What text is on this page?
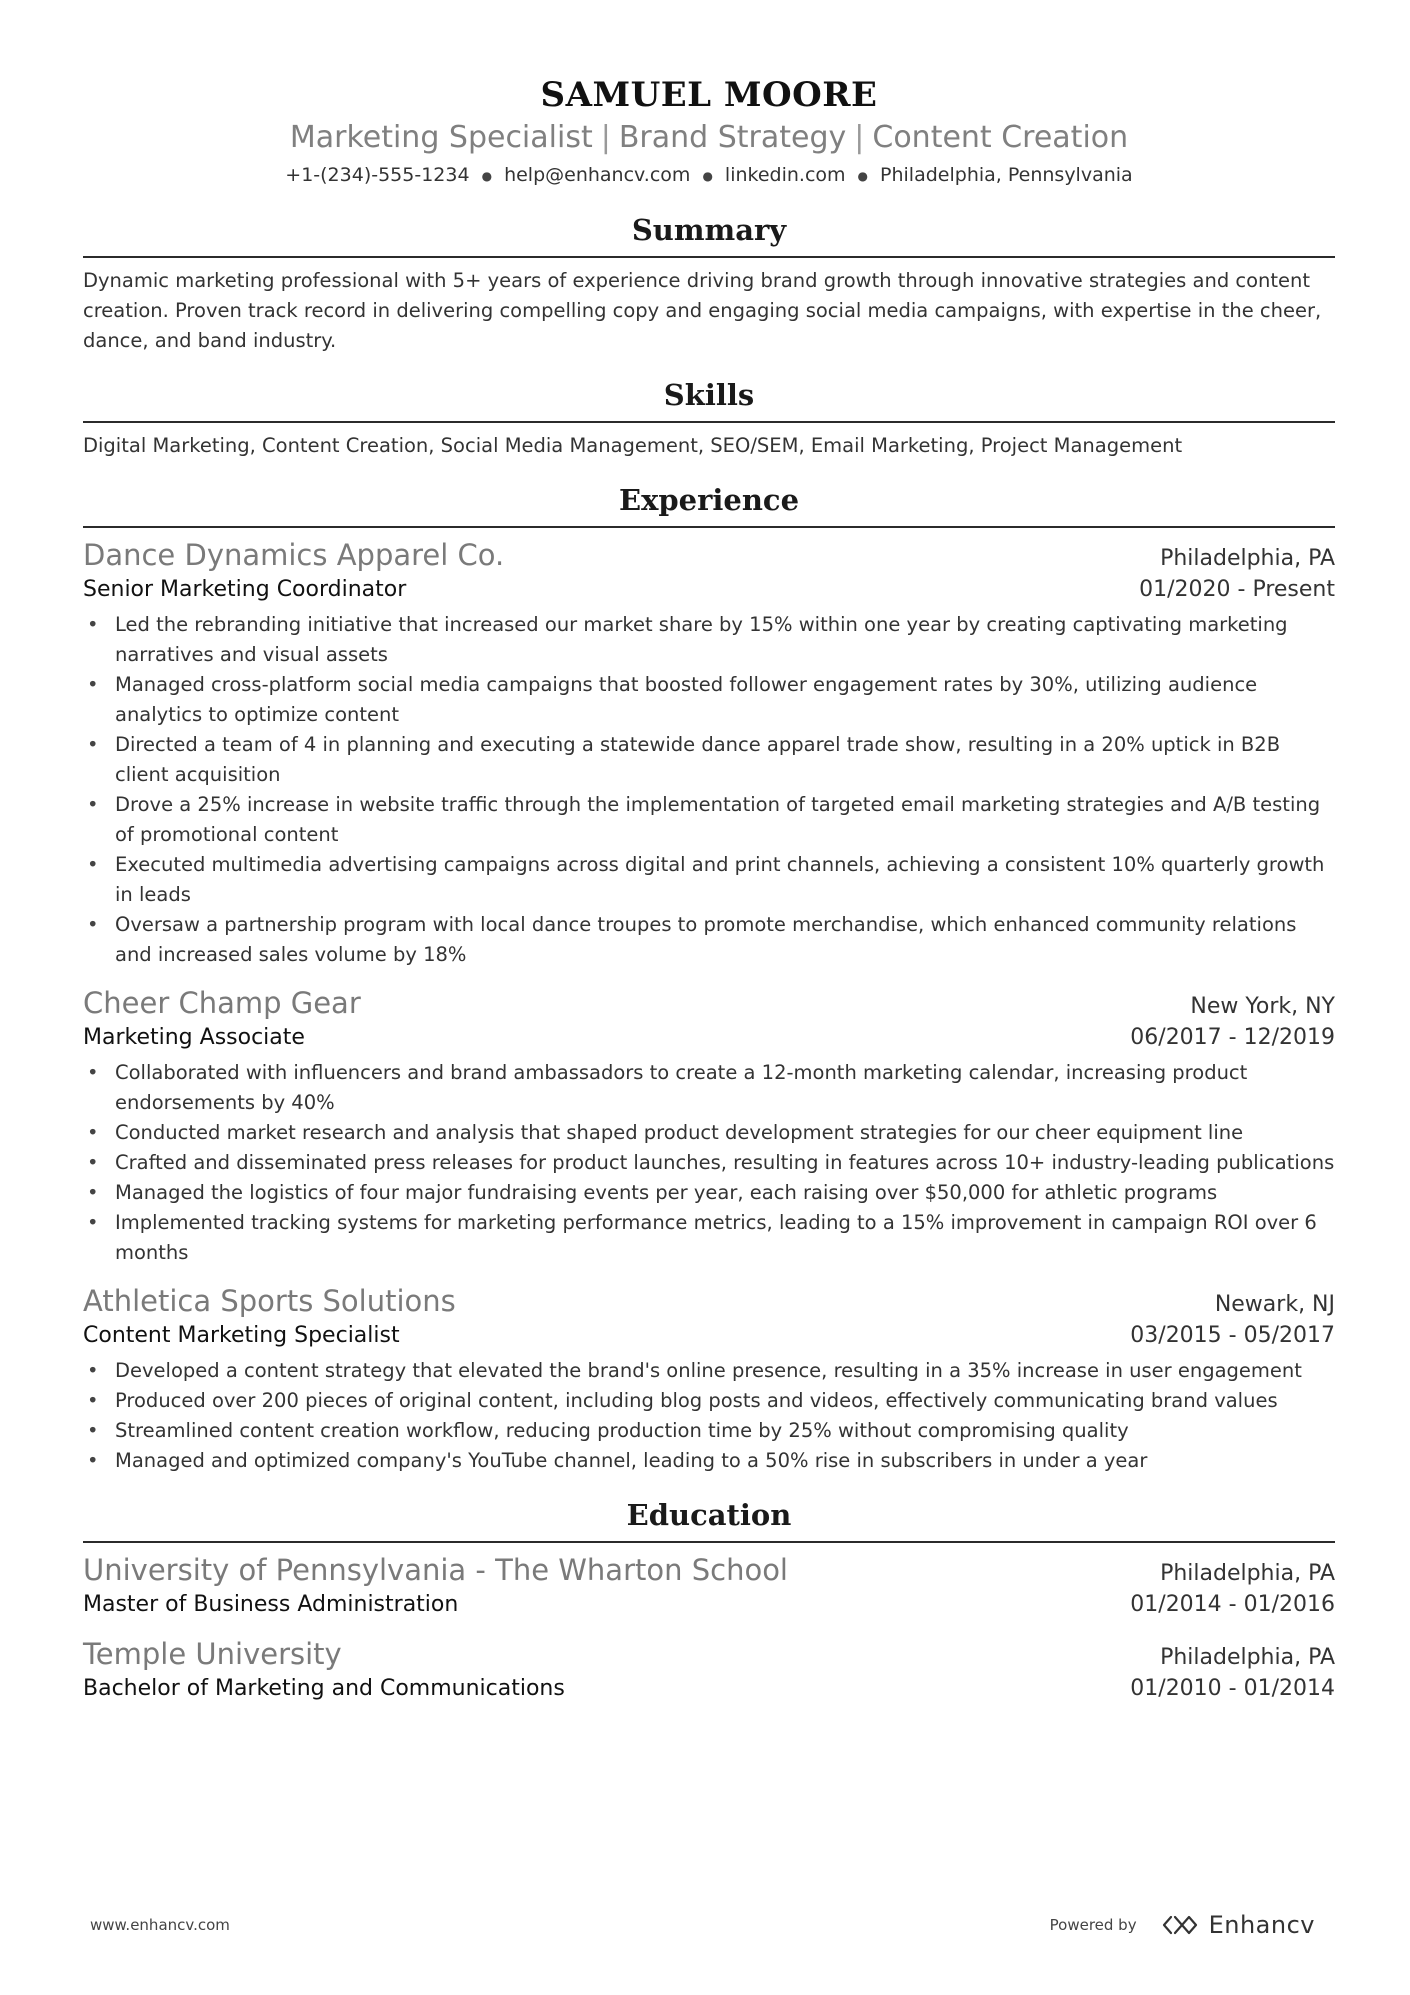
SAMUEL MOORE
Marketing Specialist | Brand Strategy | Content Creation
+1-(234)-555-1234 ● help@enhancv.com ● linkedin.com ● Philadelphia, Pennsylvania
Summary
Dynamic marketing professional with 5+ years of experience driving brand growth through innovative strategies and content creation. Proven track record in delivering compelling copy and engaging social media campaigns, with expertise in the cheer, dance, and band industry.
Skills
Digital Marketing, Content Creation, Social Media Management, SEO/SEM, Email Marketing, Project Management
Experience
Dance Dynamics Apparel Co.	Philadelphia, PA
Senior Marketing Coordinator	01/2020 - Present
• Led the rebranding initiative that increased our market share by 15% within one year by creating captivating marketing narratives and visual assets
• Managed cross-platform social media campaigns that boosted follower engagement rates by 30%, utilizing audience analytics to optimize content
• Directed a team of 4 in planning and executing a statewide dance apparel trade show, resulting in a 20% uptick in B2B client acquisition
• Drove a 25% increase in website traffic through the implementation of targeted email marketing strategies and A/B testing of promotional content
• Executed multimedia advertising campaigns across digital and print channels, achieving a consistent 10% quarterly growth in leads
• Oversaw a partnership program with local dance troupes to promote merchandise, which enhanced community relations and increased sales volume by 18%
Cheer Champ Gear	New York, NY
Marketing Associate	06/2017 - 12/2019
• Collaborated with influencers and brand ambassadors to create a 12-month marketing calendar, increasing product endorsements by 40%
• Conducted market research and analysis that shaped product development strategies for our cheer equipment line
• Crafted and disseminated press releases for product launches, resulting in features across 10+ industry-leading publications
• Managed the logistics of four major fundraising events per year, each raising over $50,000 for athletic programs
• Implemented tracking systems for marketing performance metrics, leading to a 15% improvement in campaign ROI over 6 months
Athletica Sports Solutions	Newark, NJ
Content Marketing Specialist	03/2015 - 05/2017
• Developed a content strategy that elevated the brand's online presence, resulting in a 35% increase in user engagement
• Produced over 200 pieces of original content, including blog posts and videos, effectively communicating brand values
• Streamlined content creation workflow, reducing production time by 25% without compromising quality
• Managed and optimized company's YouTube channel, leading to a 50% rise in subscribers in under a year
Education
University of Pennsylvania - The Wharton School	Philadelphia, PA
Master of Business Administration	01/2014 - 01/2016
Temple University	Philadelphia, PA
Bachelor of Marketing and Communications	01/2010 - 01/2014
www.enhancv.com	Powered by	Enhancv
